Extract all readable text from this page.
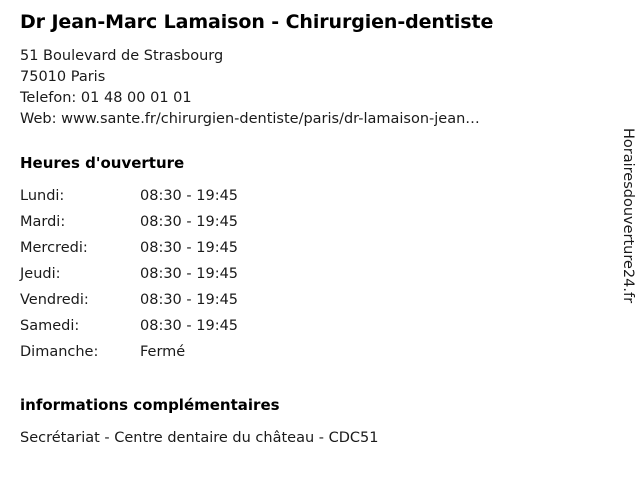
Dr Jean-Marc Lamaison - Chirurgien-dentiste
51 Boulevard de Strasbourg
75010 Paris
Telefon: 01 48 00 01 01
Web: www.sante.fr/chirurgien-dentiste/paris/dr-lamaison-jean…
Heures d'ouverture
Lundi:	08:30 - 19:45
Mardi:	08:30 - 19:45
Mercredi:	08:30 - 19:45
Jeudi:	08:30 - 19:45
Vendredi:	08:30 - 19:45
Samedi:	08:30 - 19:45
Dimanche:	Fermé
informations complémentaires
Secrétariat - Centre dentaire du château - CDC51
Horairesdouverture24.fr
